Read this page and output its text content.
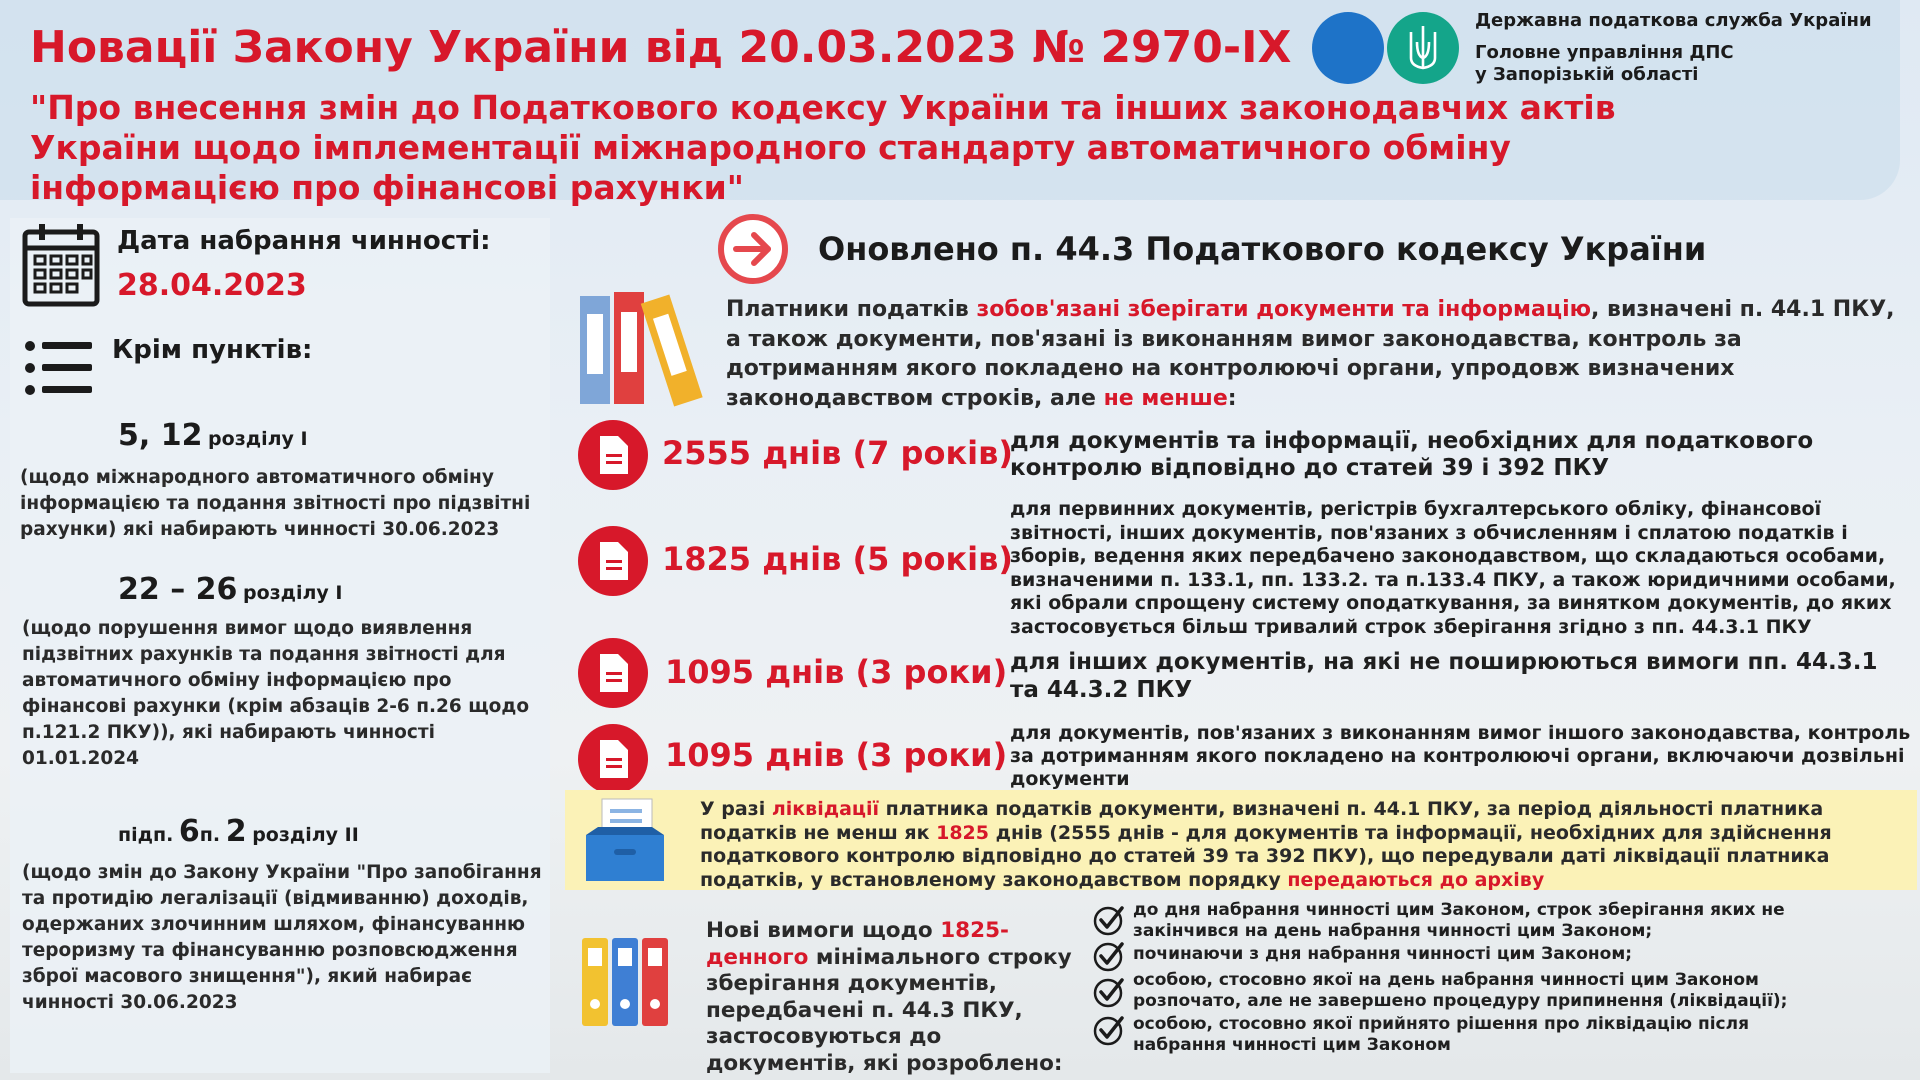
Новації Закону України від 20.03.2023 № 2970-IX
"Про внесення змін до Податкового кодексу України та інших законодавчих актів України щодо імплементації міжнародного стандарту автоматичного обміну інформацією про фінансові рахунки"
Державна податкова служба України
Головне управління ДПС
у Запорізькій області
Дата набрання чинності:
28.04.2023
Крім пунктів:
5, 12 розділу І
(щодо міжнародного автоматичного обміну інформацією та подання звітності про підзвітні рахунки) які набирають чинності 30.06.2023
22 – 26 розділу І
(щодо порушення вимог щодо виявлення підзвітних рахунків та подання звітності для автоматичного обміну інформацією про фінансові рахунки (крім абзаців 2-6 п.26 щодо п.121.2 ПКУ)), які набирають чинності 01.01.2024
підп. 6п. 2 розділу ІІ
(щодо змін до Закону України "Про запобігання та протидію легалізації (відмиванню) доходів, одержаних злочинним шляхом, фінансуванню тероризму та фінансуванню розповсюдження зброї масового знищення"), який набирає чинності 30.06.2023
Оновлено п. 44.3 Податкового кодексу України
Платники податків зобов'язані зберігати документи та інформацію, визначені п. 44.1 ПКУ, а також документи, пов'язані із виконанням вимог законодавства, контроль за дотриманням якого покладено на контролюючі органи, упродовж визначених законодавством строків, але не менше:
2555 днів (7 років)
для документів та інформації, необхідних для податкового контролю відповідно до статей 39 і 392 ПКУ
1825 днів (5 років)
для первинних документів, регістрів бухгалтерського обліку, фінансової звітності, інших документів, пов'язаних з обчисленням і сплатою податків і зборів, ведення яких передбачено законодавством, що складаються особами, визначеними п. 133.1, пп. 133.2. та п.133.4 ПКУ, а також юридичними особами, які обрали спрощену систему оподаткування, за винятком документів, до яких застосовується більш тривалий строк зберігання згідно з пп. 44.3.1 ПКУ
1095 днів (3 роки) для інших документів, на які не поширюються вимоги пп. 44.3.1 та 44.3.2 ПКУ
1095 днів (3 роки)
для документів, пов'язаних з виконанням вимог іншого законодавства, контроль за дотриманням якого покладено на контролюючі органи, включаючи дозвільні документи
У разі ліквідації платника податків документи, визначені п. 44.1 ПКУ, за період діяльності платника податків не менш як 1825 днів (2555 днів - для документів та інформації, необхідних для здійснення податкового контролю відповідно до статей 39 та 392 ПКУ), що передували даті ліквідації платника податків, у встановленому законодавством порядку передаються до архіву
Нові вимоги щодо 1825-денного мінімального строку зберігання документів, передбачені п. 44.3 ПКУ, застосовуються до документів, які розроблено:
до дня набрання чинності цим Законом, строк зберігання яких не закінчився на день набрання чинності цим Законом;
починаючи з дня набрання чинності цим Законом;
особою, стосовно якої на день набрання чинності цим Законом розпочато, але не завершено процедуру припинення (ліквідації);
особою, стосовно якої прийнято рішення про ліквідацію після набрання чинності цим Законом
